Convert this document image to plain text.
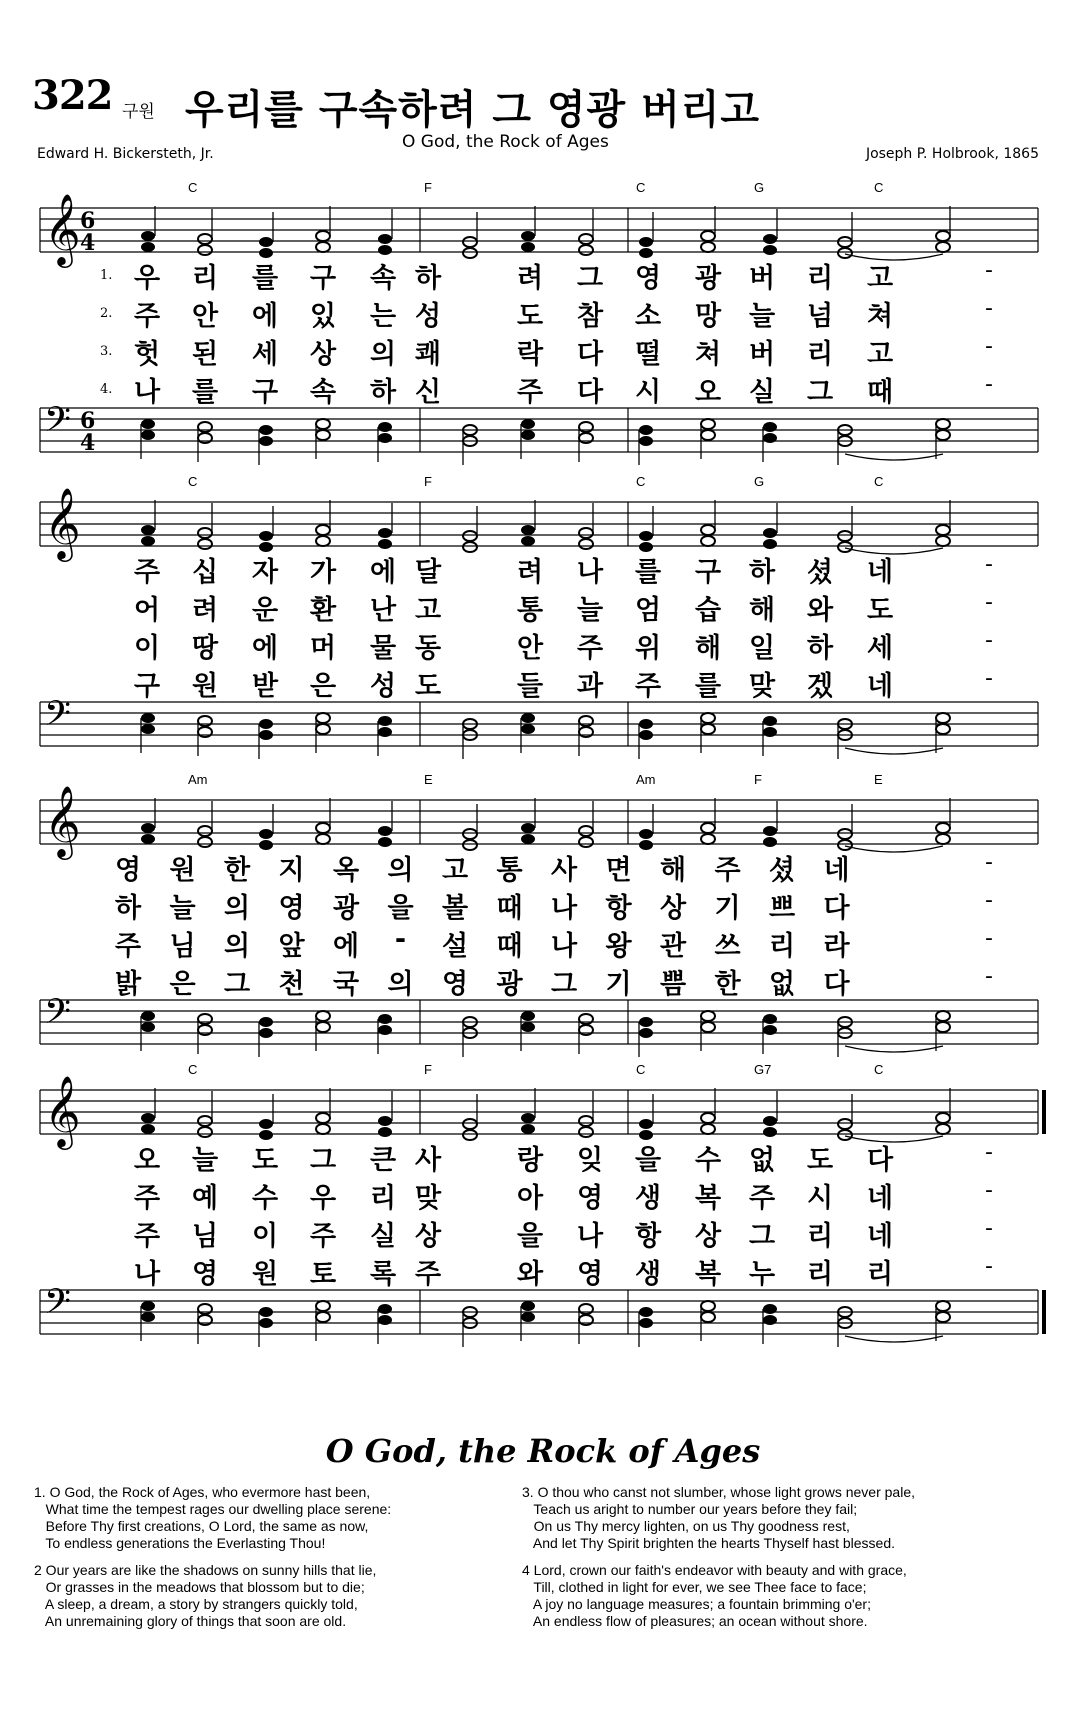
322 구원 우리를 구속하려 그 영광 버리고
Edward H. Bickersteth, Jr.
O God, the Rock of Ages
Joseph P. Holbrook, 1865
𝄞 6
4
𝄢 6
4
C	F	C	G	C
1. 우 리 를 구 속 하	려 그 영 광 버 리 고	-
2. 주 안 에 있 는 성	도 참 소 망 늘 넘 쳐	-
3. 헛 된 세 상 의 쾌	락 다 떨 쳐 버 리 고	-
4. 나 를 구 속 하 신	주 다 시 오 실 그 때	-
𝄞
𝄢
C	F	C	G	C
주 십 자 가 에 달	려 나 를 구 하 셨 네	-
어 려 운 환 난 고	통 늘 엄 습 해 와 도	-
이 땅 에 머 물 동	안 주 위 해 일 하 세	-
구 원 받 은 성 도	들 과 주 를 맞 겠 네	-
𝄞
𝄢
Am	E	Am	F	E
영 원 한 지 옥 의 고 통 사 면 해 주 셨 네	-
하 늘 의 영 광 을 볼 때 나 항 상 기 쁘 다	-
주 님 의 앞 에	-	설 때 나 왕 관 쓰 리 라	-
밝 은 그 천 국 의 영 광 그 기 쁨 한 없 다	-
𝄞
𝄢
C	F	C	G7	C
오 늘 도 그 큰 사	랑 잊 을 수 없 도 다	-
주 예 수 우 리 맞	아 영 생 복 주 시 네	-
주 님 이 주 실 상	을 나 항 상 그 리 네	-
나 영 원 토 록 주	와 영 생 복 누 리 리	-
O God, the Rock of Ages
1. O God, the Rock of Ages, who evermore hast been,
What time the tempest rages our dwelling place serene:
Before Thy first creations, O Lord, the same as now,
To endless generations the Everlasting Thou!
3. O thou who canst not slumber, whose light grows never pale,
Teach us aright to number our years before they fail;
On us Thy mercy lighten, on us Thy goodness rest,
And let Thy Spirit brighten the hearts Thyself hast blessed.
2 Our years are like the shadows on sunny hills that lie,
Or grasses in the meadows that blossom but to die;
A sleep, a dream, a story by strangers quickly told,
An unremaining glory of things that soon are old.
4 Lord, crown our faith's endeavor with beauty and with grace,
Till, clothed in light for ever, we see Thee face to face;
A joy no language measures; a fountain brimming o'er;
An endless flow of pleasures; an ocean without shore.
